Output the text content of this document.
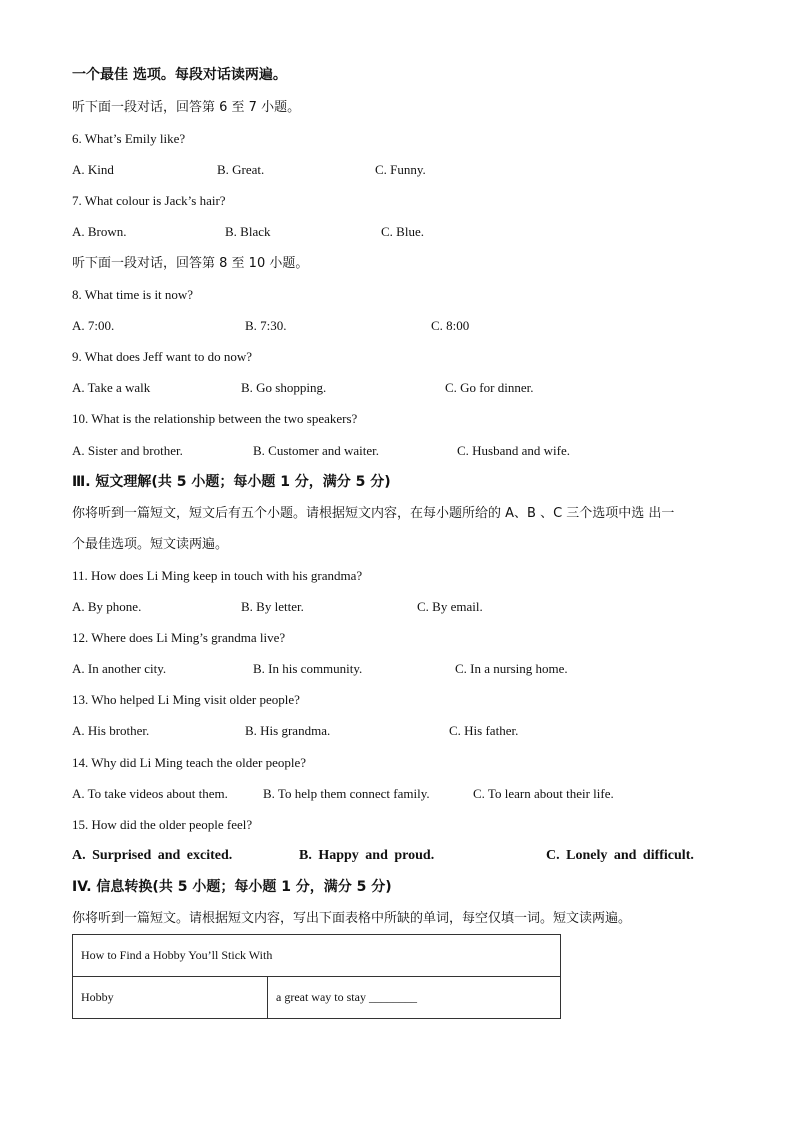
一个最佳 选项。每段对话读两遍。
听下面一段对话，回答第 6 至 7 小题。
6. What’s Emily like?
A. Kind	B. Great.	C. Funny.
7. What colour is Jack’s hair?
A. Brown.	B. Black	C. Blue.
听下面一段对话，回答第 8 至 10 小题。
8. What time is it now?
A. 7:00.	B. 7:30.	C. 8:00
9. What does Jeff want to do now?
A. Take a walk	B. Go shopping.	C. Go for dinner.
10. What is the relationship between the two speakers?
A. Sister and brother.	B. Customer and waiter.	C. Husband and wife.
Ⅲ. 短文理解(共 5 小题；每小题 1 分，满分 5 分)
你将听到一篇短文，短文后有五个小题。请根据短文内容，在每小题所给的 A、B 、C 三个选项中选 出一
个最佳选项。短文读两遍。
11. How does Li Ming keep in touch with his grandma?
A. By phone.	B. By letter.	C. By email.
12. Where does Li Ming’s grandma live?
A. In another city.	B. In his community.	C. In a nursing home.
13. Who helped Li Ming visit older people?
A. His brother.	B. His grandma.	C. His father.
14. Why did Li Ming teach the older people?
A. To take videos about them.	B. To help them connect family.	C. To learn about their life.
15. How did the older people feel?
A. Surprised and excited.	B. Happy and proud.	C. Lonely and difficult.
IV. 信息转换(共 5 小题；每小题 1 分，满分 5 分)
你将听到一篇短文。请根据短文内容，写出下面表格中所缺的单词，每空仅填一词。短文读两遍。
How to Find a Hobby You’ll Stick With
Hobby	a great way to stay ________
